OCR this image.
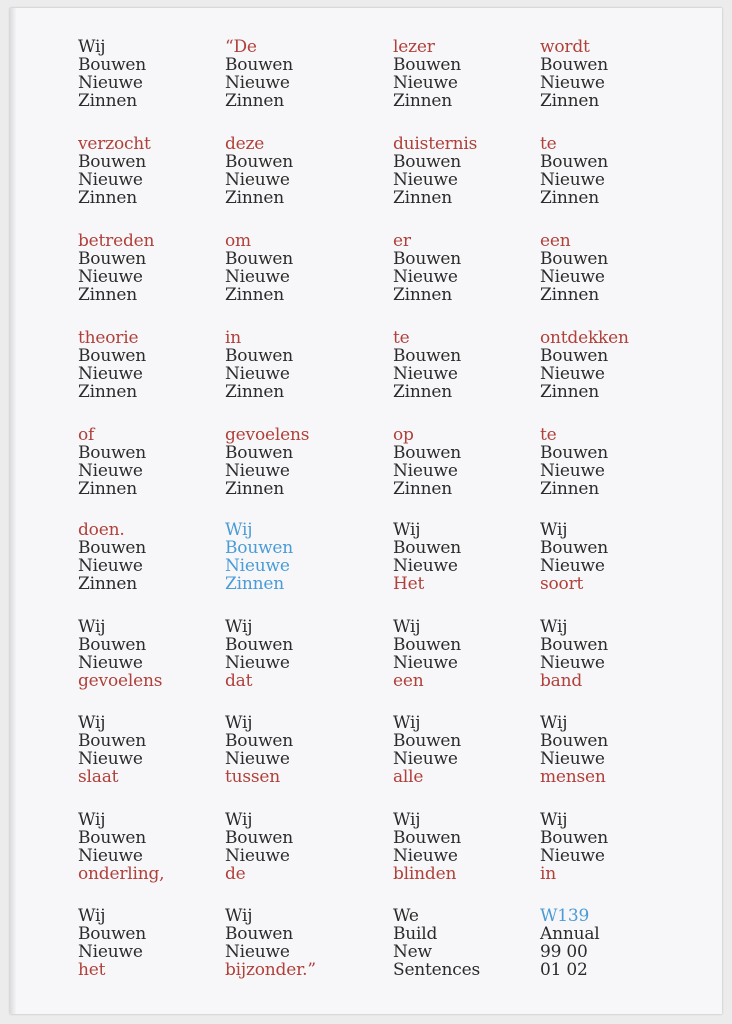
Wij
Bouwen
Nieuwe
Zinnen
“De
Bouwen
Nieuwe
Zinnen
lezer
Bouwen
Nieuwe
Zinnen
wordt
Bouwen
Nieuwe
Zinnen
verzocht
Bouwen
Nieuwe
Zinnen
deze
Bouwen
Nieuwe
Zinnen
duisternis
Bouwen
Nieuwe
Zinnen
te
Bouwen
Nieuwe
Zinnen
betreden
Bouwen
Nieuwe
Zinnen
om
Bouwen
Nieuwe
Zinnen
er
Bouwen
Nieuwe
Zinnen
een
Bouwen
Nieuwe
Zinnen
theorie
Bouwen
Nieuwe
Zinnen
in
Bouwen
Nieuwe
Zinnen
te
Bouwen
Nieuwe
Zinnen
ontdekken
Bouwen
Nieuwe
Zinnen
of
Bouwen
Nieuwe
Zinnen
gevoelens
Bouwen
Nieuwe
Zinnen
op
Bouwen
Nieuwe
Zinnen
te
Bouwen
Nieuwe
Zinnen
doen.
Bouwen
Nieuwe
Zinnen
Wij
Bouwen
Nieuwe
Zinnen
Wij
Bouwen
Nieuwe
Het
Wij
Bouwen
Nieuwe
soort
Wij
Bouwen
Nieuwe
gevoelens
Wij
Bouwen
Nieuwe
dat
Wij
Bouwen
Nieuwe
een
Wij
Bouwen
Nieuwe
band
Wij
Bouwen
Nieuwe
slaat
Wij
Bouwen
Nieuwe
tussen
Wij
Bouwen
Nieuwe
alle
Wij
Bouwen
Nieuwe
mensen
Wij
Bouwen
Nieuwe
onderling,
Wij
Bouwen
Nieuwe
de
Wij
Bouwen
Nieuwe
blinden
Wij
Bouwen
Nieuwe
in
Wij
Bouwen
Nieuwe
het
Wij
Bouwen
Nieuwe
bijzonder.”
We
Build
New
Sentences
W139
Annual
99 00
01 02
